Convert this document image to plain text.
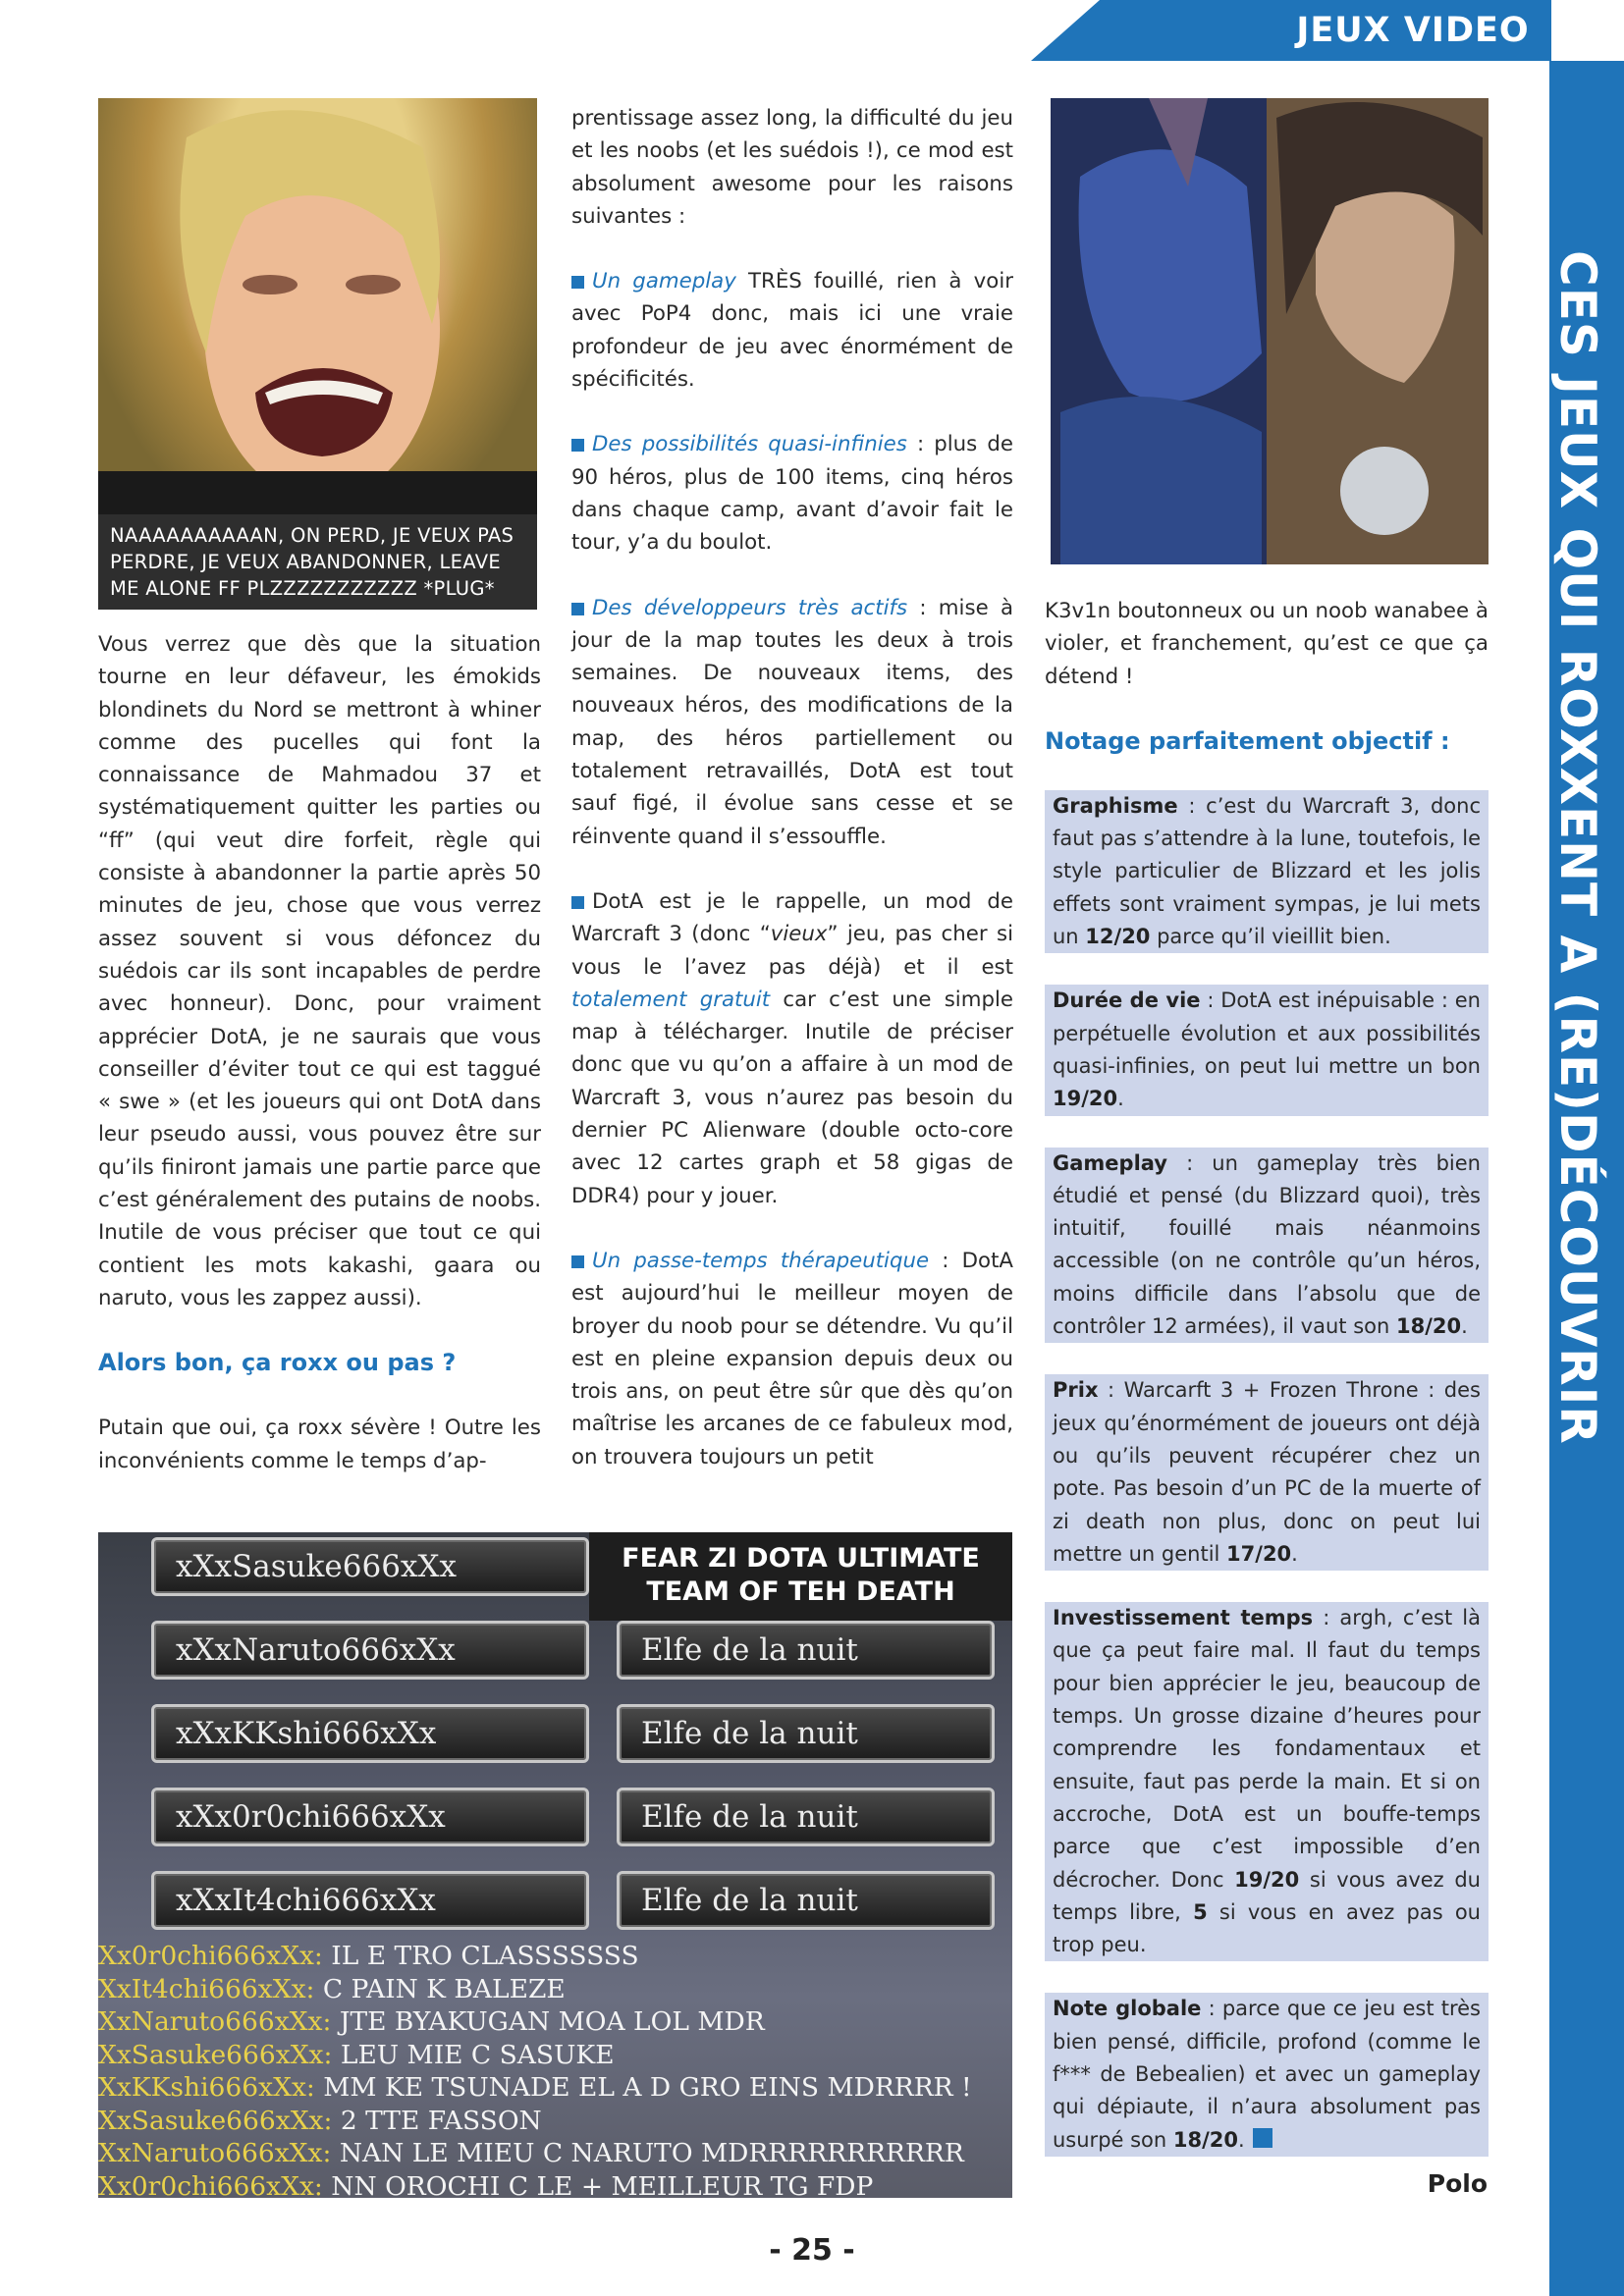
JEUX VIDEO
CES JEUX QUI ROXXENT A (RE)DÉCOUVRIR
NAAAAAAAAAAN, ON PERD, JE VEUX PAS PERDRE, JE VEUX ABANDONNER, LEAVE ME ALONE FF PLZZZZZZZZZZZ *PLUG*

Vous verrez que dès que la situation tourne en leur défaveur, les émokids blondinets du Nord se mettront à whiner comme des pucelles qui font la connaissance de Mahmadou 37 et systématiquement quitter les parties ou “ff” (qui veut dire forfeit, règle qui consiste à abandonner la partie après 50 minutes de jeu, chose que vous verrez assez souvent si vous défoncez du suédois car ils sont incapables de perdre avec honneur). Donc, pour vraiment apprécier DotA, je ne saurais que vous conseiller d’éviter tout ce qui est taggué « swe » (et les joueurs qui ont DotA dans leur pseudo aussi, vous pouvez être sur qu’ils finiront jamais une partie parce que c’est généralement des putains de noobs. Inutile de vous préciser que tout ce qui contient les mots kakashi, gaara ou naruto, vous les zappez aussi).

Alors bon, ça roxx ou pas ?

Putain que oui, ça roxx sévère ! Outre les inconvénients comme le temps d’ap-

prentissage assez long, la difficulté du jeu et les noobs (et les suédois !), ce mod est absolument awesome pour les raisons suivantes :

Un gameplay TRÈS fouillé, rien à voir avec PoP4 donc, mais ici une vraie profondeur de jeu avec énormément de spécificités.

Des possibilités quasi-infinies : plus de 90 héros, plus de 100 items, cinq héros dans chaque camp, avant d’avoir fait le tour, y’a du boulot.

Des développeurs très actifs : mise à jour de la map toutes les deux à trois semaines. De nouveaux items, des nouveaux héros, des modifications de la map, des héros partiellement ou totalement retravaillés, DotA est tout sauf figé, il évolue sans cesse et se réinvente quand il s’essouffle.

DotA est je le rappelle, un mod de Warcraft 3 (donc “vieux” jeu, pas cher si vous le l’avez pas déjà) et il est totalement gratuit car c’est une simple map à télécharger. Inutile de préciser donc que vu qu’on a affaire à un mod de Warcraft 3, vous n’aurez pas besoin du dernier PC Alienware (double octo-core avec 12 cartes graph et 58 gigas de DDR4) pour y jouer.

Un passe-temps thérapeutique : DotA est aujourd’hui le meilleur moyen de broyer du noob pour se détendre. Vu qu’il est en pleine expansion depuis deux ou trois ans, on peut être sûr que dès qu’on maîtrise les arcanes de ce fabuleux mod, on trouvera toujours un petit

K3v1n boutonneux ou un noob wanabee à violer, et franchement, qu’est ce que ça détend !

Notage parfaitement objectif :
Graphisme : c’est du Warcraft 3, donc faut pas s’attendre à la lune, toutefois, le style particulier de Blizzard et les jolis effets sont vraiment sympas, je lui mets un 12/20 parce qu’il vieillit bien.
Durée de vie : DotA est inépuisable : en perpétuelle évolution et aux possibilités quasi-infinies, on peut lui mettre un bon 19/20.
Gameplay : un gameplay très bien étudié et pensé (du Blizzard quoi), très intuitif, fouillé mais néanmoins accessible (on ne contrôle qu’un héros, moins difficile dans l’absolu que de contrôler 12 armées), il vaut son 18/20.
Prix : Warcarft 3 + Frozen Throne : des jeux qu’énormément de joueurs ont déjà ou qu’ils peuvent récupérer chez un pote. Pas besoin d’un PC de la muerte of zi death non plus, donc on peut lui mettre un gentil 17/20.
Investissement temps : argh, c’est là que ça peut faire mal. Il faut du temps pour bien apprécier le jeu, beaucoup de temps. Un grosse dizaine d’heures pour comprendre les fondamentaux et ensuite, faut pas perde la main. Et si on accroche, DotA est un bouffe-temps parce que c’est impossible d’en décrocher. Donc 19/20 si vous avez du temps libre, 5 si vous en avez pas ou trop peu.
Note globale : parce que ce jeu est très bien pensé, difficile, profond (comme le f*** de Bebealien) et avec un gameplay qui dépiaute, il n’aura absolument pas usurpé son 18/20.
FEAR ZI DOTA ULTIMATE TEAM OF TEH DEATH
xXxSasuke666xXx
xXxNaruto666xXx
xXxKKshi666xXx
xXx0r0chi666xXx
xXxIt4chi666xXx
Elfe de la nuit
Elfe de la nuit
Elfe de la nuit
Elfe de la nuit
Xx0r0chi666xXx: IL E TRO CLASSSSSSS
XxIt4chi666xXx: C PAIN K BALEZE
XxNaruto666xXx: JTE BYAKUGAN MOA LOL MDR
XxSasuke666xXx: LEU MIE C SASUKE
XxKKshi666xXx: MM KE TSUNADE EL A D GRO EINS MDRRRR !
XxSasuke666xXx: 2 TTE FASSON
XxNaruto666xXx: NAN LE MIEU C NARUTO MDRRRRRRRRRRR
Xx0r0chi666xXx: NN OROCHI C LE + MEILLEUR TG FDP	Polo
- 25 -
